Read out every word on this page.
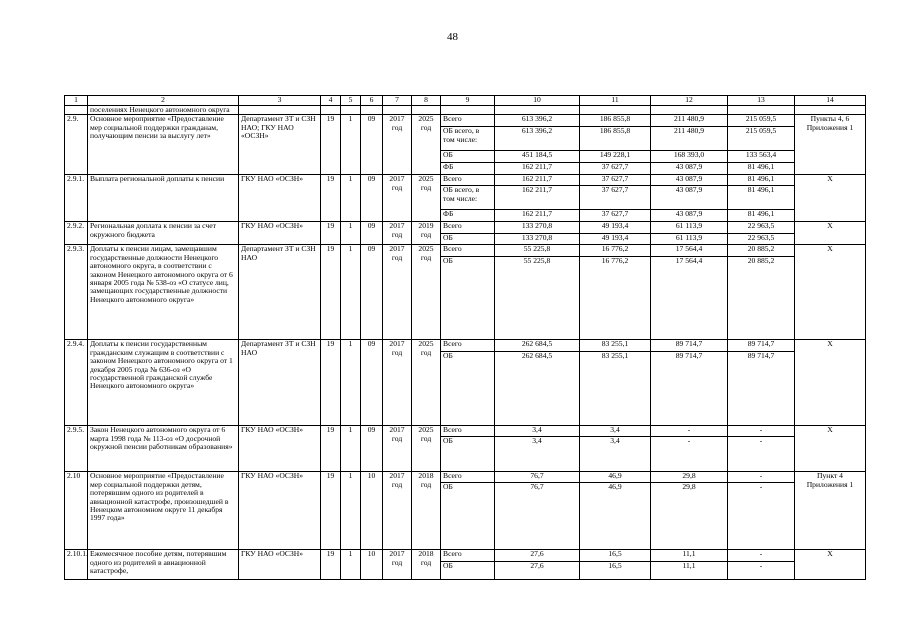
48
1	2	3	4	5	6	7	8	9	10	11	12	13	14
	поселениях Ненецкого автономного округа												
2.9.	Основное мероприятие «Предоставление мер социальной поддержки гражданам, получающим пенсии за выслугу лет»	Департамент ЗТ и СЗН НАО; ГКУ НАО «ОСЗН»	19	1	09	2017 год	2025 год	Всего	613 396,2	186 855,8	211 480,9	215 059,5	Пункты 4, 6 Приложения 1
								ОБ всего, в том числе:	613 396,2	186 855,8	211 480,9	215 059,5	
								ОБ	451 184,5	149 228,1	168 393,0	133 563,4	
								ФБ	162 211,7	37 627,7	43 087,9	81 496,1	
2.9.1.	Выплата региональной доплаты к пенсии	ГКУ НАО «ОСЗН»	19	1	09	2017 год	2025 год	Всего	162 211,7	37 627,7	43 087,9	81 496,1	Х
								ОБ всего, в том числе:	162 211,7	37 627,7	43 087,9	81 496,1	
								ФБ	162 211,7	37 627,7	43 087,9	81 496,1	
2.9.2.	Региональная доплата к пенсии за счет окружного бюджета	ГКУ НАО «ОСЗН»	19	1	09	2017 год	2019 год	Всего	133 270,8	49 193,4	61 113,9	22 963,5	Х
								ОБ	133 270,8	49 193,4	61 113,9	22 963,5	
2.9.3.	Доплаты к пенсии лицам, замещавшим государственные должности Ненецкого автономного округа, в соответствии с законом Ненецкого автономного округа от 6 января 2005 года № 538-оз «О статусе лиц, замещающих государственные должности Ненецкого автономного округа»	Департамент ЗТ и СЗН НАО	19	1	09	2017 год	2025 год	Всего	55 225,8	16 776,2	17 564,4	20 885,2	Х
								ОБ	55 225,8	16 776,2	17 564,4	20 885,2	
2.9.4.	Доплаты к пенсии государственным гражданским служащим в соответствии с законом Ненецкого автономного округа от 1 декабря 2005 года № 636-оз «О государственной гражданской службе Ненецкого автономного округа»	Департамент ЗТ и СЗН НАО	19	1	09	2017 год	2025 год	Всего	262 684,5	83 255,1	89 714,7	89 714,7	Х
								ОБ	262 684,5	83 255,1	89 714,7	89 714,7	
2.9.5.	Закон Ненецкого автономного округа от 6 марта 1998 года № 113-оз «О досрочной окружной пенсии работникам образования»	ГКУ НАО «ОСЗН»	19	1	09	2017 год	2025 год	Всего	3,4	3,4	-	-	Х
								ОБ	3,4	3,4	-	-	
2.10	Основное мероприятие «Предоставление мер социальной поддержки детям, потерявшим одного из родителей в авиационной катастрофе, произошедшей в Ненецком автономном округе 11 декабря 1997 года»	ГКУ НАО «ОСЗН»	19	1	10	2017 год	2018 год	Всего	76,7	46,9	29,8	-	Пункт 4 Приложения 1
								ОБ	76,7	46,9	29,8	-	
2.10.1.	Ежемесячное пособие детям, потерявшим одного из родителей в авиационной катастрофе,	ГКУ НАО «ОСЗН»	19	1	10	2017 год	2018 год	Всего	27,6	16,5	11,1	-	Х
								ОБ	27,6	16,5	11,1	-	
